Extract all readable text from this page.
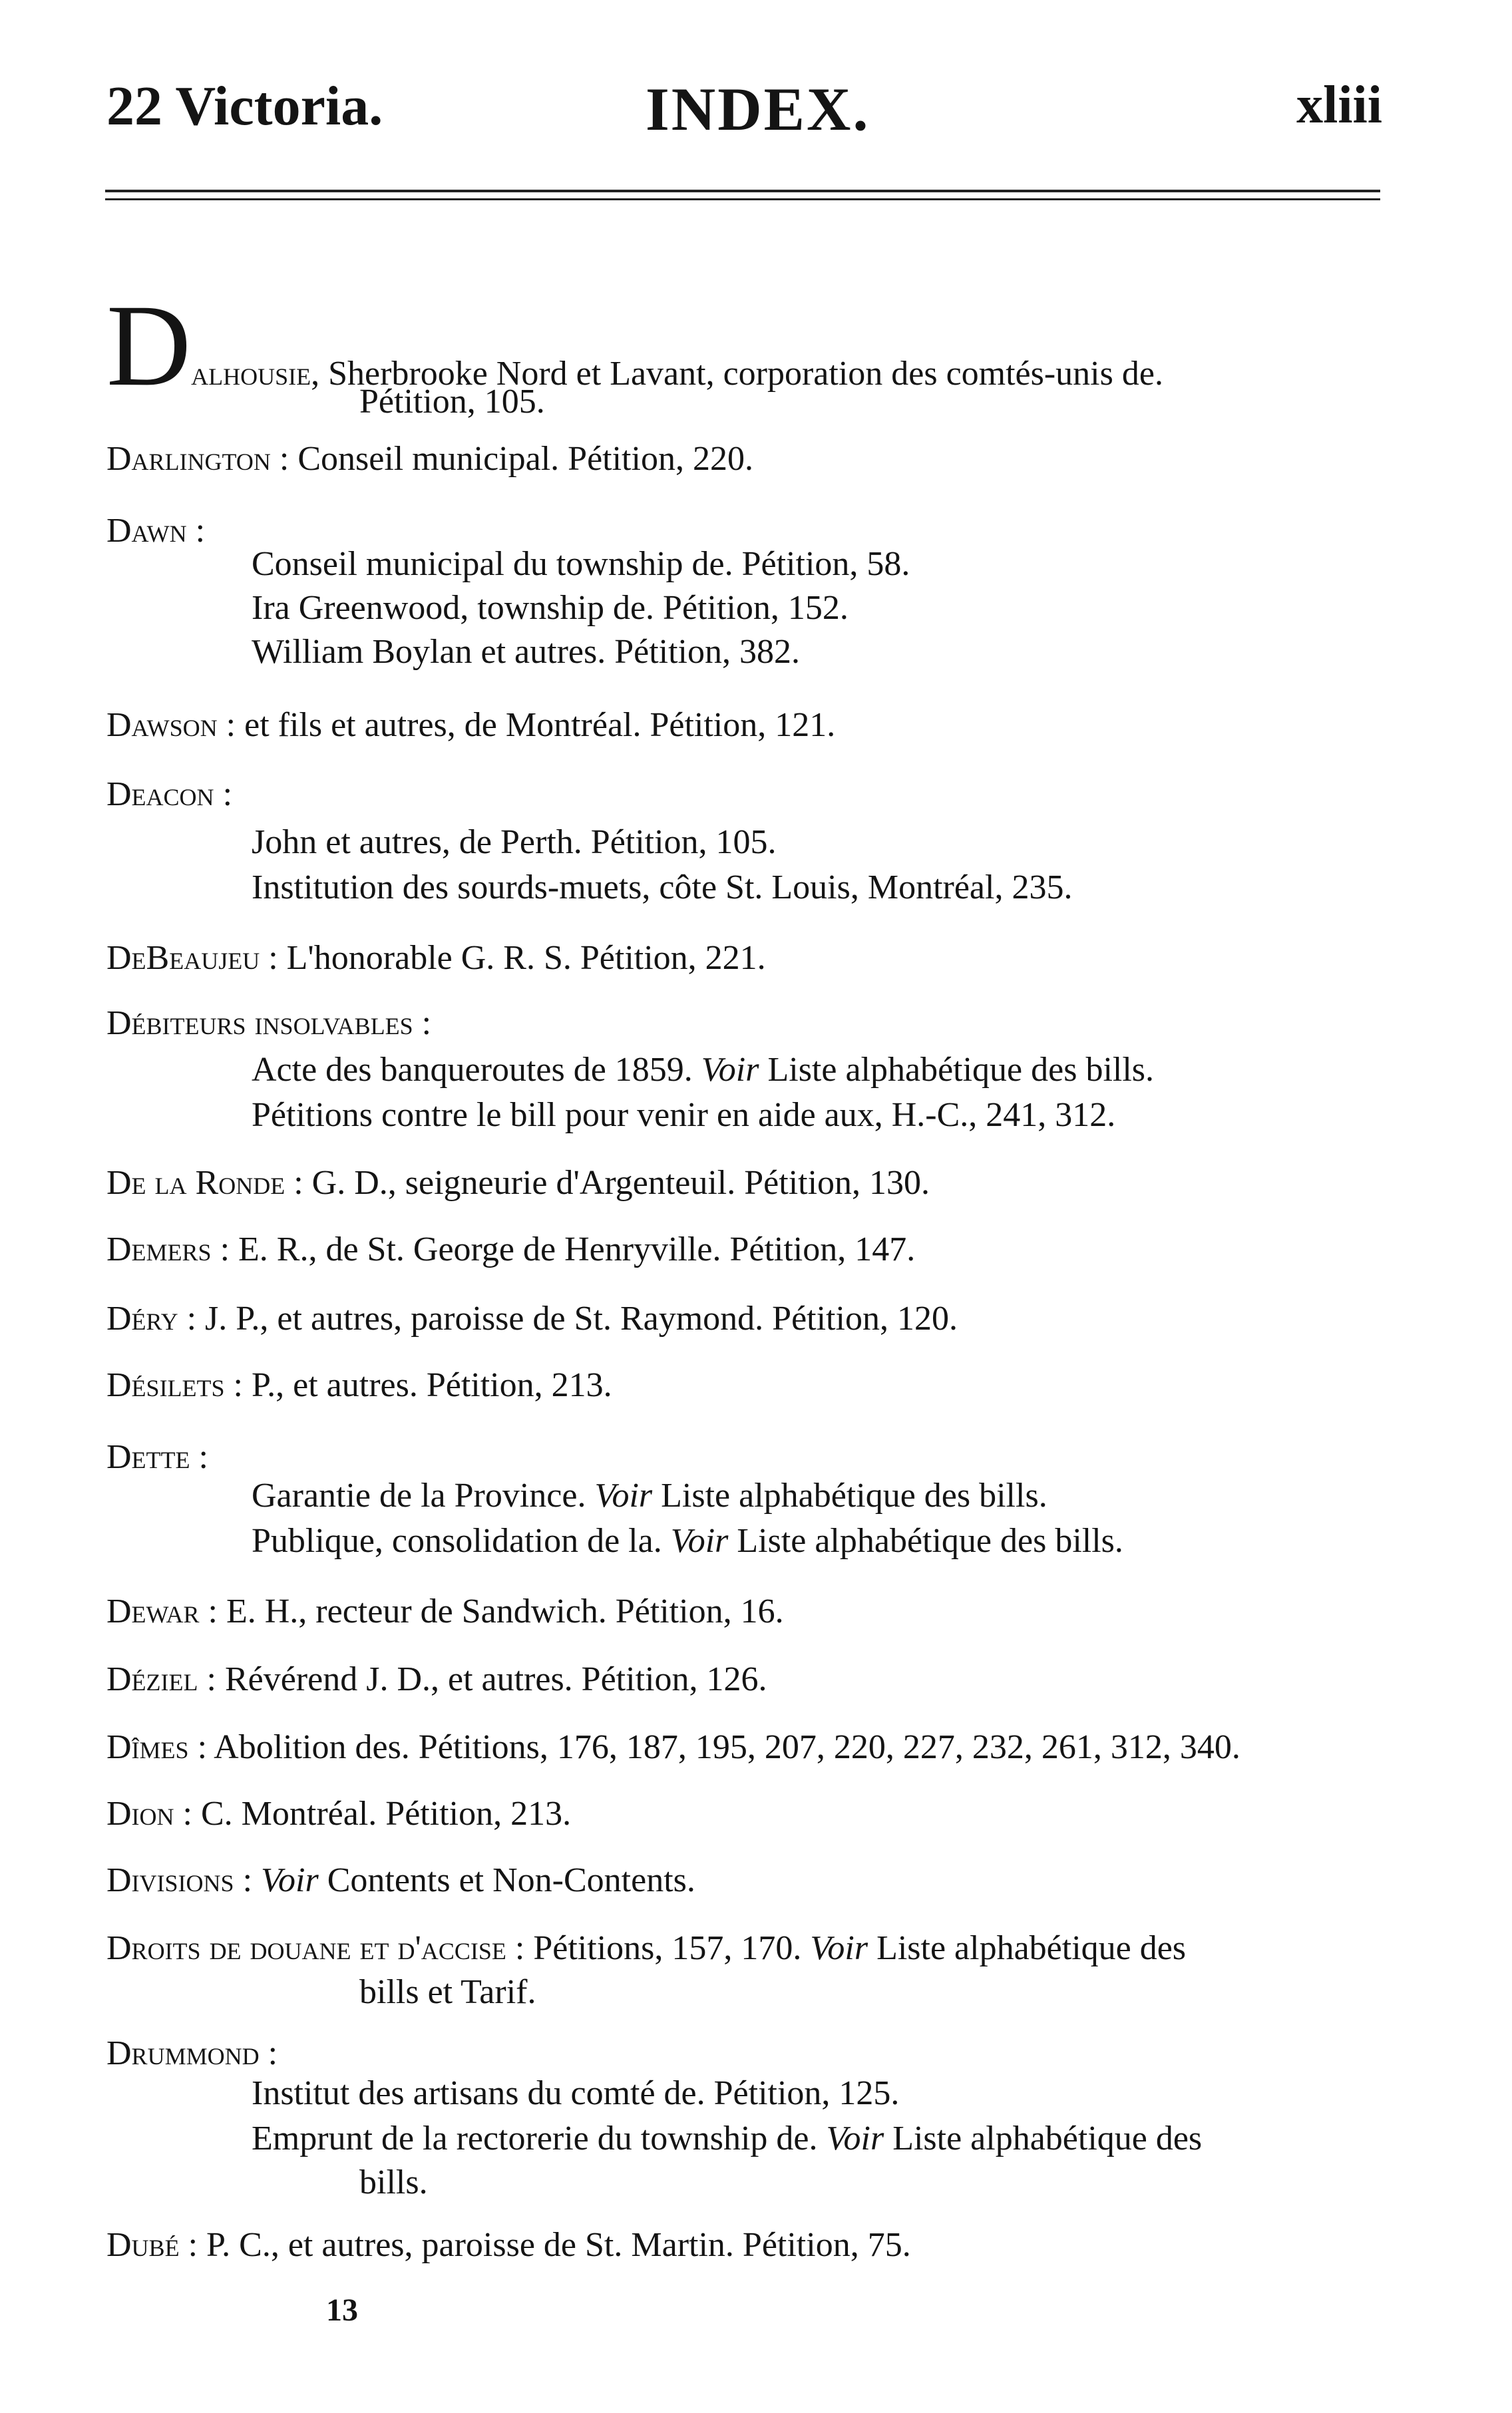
22 Victoria.	INDEX.	xliii
Dalhousie, Sherbrooke Nord et Lavant, corporation des comtés-unis de.
Pétition, 105.
Darlington : Conseil municipal. Pétition, 220.
Dawn :
Conseil municipal du township de. Pétition, 58.
Ira Greenwood, township de. Pétition, 152.
William Boylan et autres. Pétition, 382.
Dawson : et fils et autres, de Montréal. Pétition, 121.
Deacon :
John et autres, de Perth. Pétition, 105.
Institution des sourds-muets, côte St. Louis, Montréal, 235.
DeBeaujeu : L'honorable G. R. S. Pétition, 221.
Débiteurs insolvables :
Acte des banqueroutes de 1859. Voir Liste alphabétique des bills.
Pétitions contre le bill pour venir en aide aux, H.-C., 241, 312.
De la Ronde : G. D., seigneurie d'Argenteuil. Pétition, 130.
Demers : E. R., de St. George de Henryville. Pétition, 147.
Déry : J. P., et autres, paroisse de St. Raymond. Pétition, 120.
Désilets : P., et autres. Pétition, 213.
Dette :
Garantie de la Province. Voir Liste alphabétique des bills.
Publique, consolidation de la. Voir Liste alphabétique des bills.
Dewar : E. H., recteur de Sandwich. Pétition, 16.
Déziel : Révérend J. D., et autres. Pétition, 126.
Dîmes : Abolition des. Pétitions, 176, 187, 195, 207, 220, 227, 232, 261, 312, 340.
Dion : C. Montréal. Pétition, 213.
Divisions : Voir Contents et Non-Contents.
Droits de douane et d'accise : Pétitions, 157, 170. Voir Liste alphabétique des
bills et Tarif.
Drummond :
Institut des artisans du comté de. Pétition, 125.
Emprunt de la rectorerie du township de. Voir Liste alphabétique des
bills.
Dubé : P. C., et autres, paroisse de St. Martin. Pétition, 75.
13
